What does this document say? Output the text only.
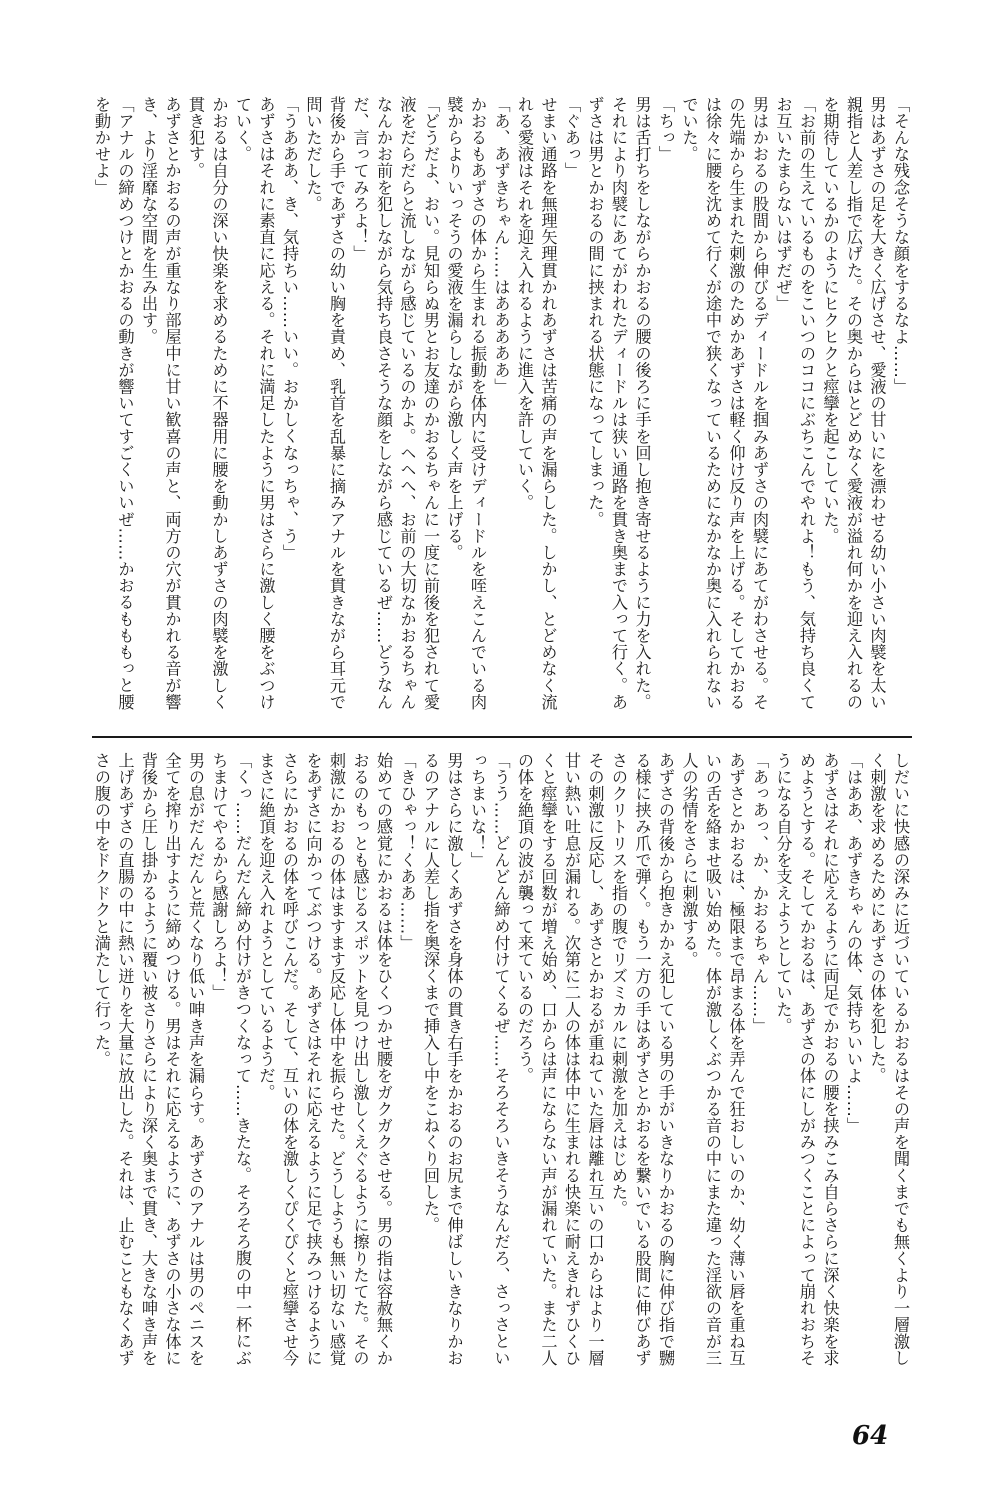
「そんな残念そうな顔をするなよ……」
男はあずさの足を大きく広げさせ、愛液の甘いにを漂わせる幼い小さい肉襞を太い親指と人差し指で広げた。その奥からはとどめなく愛液が溢れ何かを迎え入れるのを期待しているかのようにヒクヒクと痙攣を起こしていた。
「お前の生えているものをこいつのココにぶちこんでやれよ！もう、気持ち良くてお互いたまらないはずだぜ」
男はかおるの股間から伸びるディードルを掴みあずさの肉襞にあてがわさせる。その先端から生まれた刺激のためかあずさは軽く仰け反り声を上げる。そしてかおるは徐々に腰を沈めて行くが途中で狭くなっているためになかなか奥に入れられないでいた。
「ちっ」
男は舌打ちをしながらかおるの腰の後ろに手を回し抱き寄せるように力を入れた。それにより肉襞にあてがわれたディードルは狭い通路を貫き奥まで入って行く。あずさは男とかおるの間に挟まれる状態になってしまった。
「ぐあっ」
せまい通路を無理矢理貫かれあずさは苦痛の声を漏らした。しかし、とどめなく流れる愛液はそれを迎え入れるように進入を許していく。
「あ、あずきちゃん……はあああああ」
かおるもあずさの体から生まれる振動を体内に受けディードルを咥えこんでいる肉襞からよりいっそうの愛液を漏らしながら激しく声を上げる。
「どうだよ、おい。見知らぬ男とお友達のかおるちゃんに一度に前後を犯されて愛液をだらだらと流しながら感じているのかよ。ヘヘへ、お前の大切なかおるちゃんなんかお前を犯しながら気持ち良さそうな顔をしながら感じているぜ……どうなんだ、言ってみろよ！」
背後から手であずさの幼い胸を責め、乳首を乱暴に摘みアナルを貫きながら耳元で問いただした。
「うあああ、き、気持ちい……いい。おかしくなっちゃ、う」
あずさはそれに素直に応える。それに満足したように男はさらに激しく腰をぶつけていく。
かおるは自分の深い快楽を求めるために不器用に腰を動かしあずさの肉襞を激しく貫き犯す。
あずさとかおるの声が重なり部屋中に甘い歓喜の声と、両方の穴が貫かれる音が響き、より淫靡な空間を生み出す。
「アナルの締めつけとかおるの動きが響いてすごくいいぜ……かおるもももっと腰を動かせよ」
しだいに快感の深みに近づいているかおるはその声を聞くまでも無くより一層激しく刺激を求めるためにあずさの体を犯した。
「はああ、あずきちゃんの体、気持ちいいよ……」
あずさはそれに応えるように両足でかおるの腰を挟みこみ自らさらに深く快楽を求めようとする。そしてかおるは、あずさの体にしがみつくことによって崩れおちそうになる自分を支えようとしていた。
「あっあっ、か、かおるちゃん……」
あずさとかおるは、極限まで昂まる体を弄んで狂おしいのか、幼く薄い唇を重ね互いの舌を絡ませ吸い始めた。体が激しくぶつかる音の中にまた違った淫欲の音が三人の劣情をさらに刺激する。
あずさの背後から抱きかかえ犯している男の手がいきなりかおるの胸に伸び指で嬲る様に挟み爪で弾く。もう一方の手はあずさとかおるを繋いでいる股間に伸びあずさのクリトリスを指の腹でリズミカルに刺激を加えはじめた。
その刺激に反応し、あずさとかおるが重ねていた唇は離れ互いの口からはより一層甘い熱い吐息が漏れる。次第に二人の体は体中に生まれる快楽に耐えきれずひくひくと痙攣をする回数が増え始め、口からは声にならない声が漏れていた。また二人の体を絶頂の波が襲って来ているのだろう。
「うう……どんどん締め付けてくるぜ……そろそろいきそうなんだろ、さっさといっちまいな！」
男はさらに激しくあずさを身体の貫き右手をかおるのお尻まで伸ばしいきなりかおるのアナルに人差し指を奥深くまで挿入し中をこねくり回した。
「きひゃっ！くああ……」
始めての感覚にかおるは体をひくつかせ腰をガクガクさせる。男の指は容赦無くかおるのもっとも感じるスポットを見つけ出し激しくえぐるように擦りたてた。その刺激にかおるの体はますます反応し体中を振らせた。どうしようも無い切ない感覚をあずさに向かってぶつける。あずさはそれに応えるように足で挟みつけるようにさらにかおるの体を呼びこんだ。そして、互いの体を激しくぴくぴくと痙攣させ今まさに絶頂を迎え入れようとしているようだ。
「くっ……だんだん締め付けがきつくなって……きたな。そろそろ腹の中一杯にぶちまけてやるから感謝しろよ！」
男の息がだんだんと荒くなり低い呻き声を漏らす。あずさのアナルは男のペニスを全てを搾り出すように締めつける。男はそれに応えるように、あずさの小さな体に背後から圧し掛かるように覆い被さりさらにより深く奥まで貫き、大きな呻き声を上げあずさの直腸の中に熱い迸りを大量に放出した。それは、止むこともなくあずさの腹の中をドクドクと満たして行った。
64
